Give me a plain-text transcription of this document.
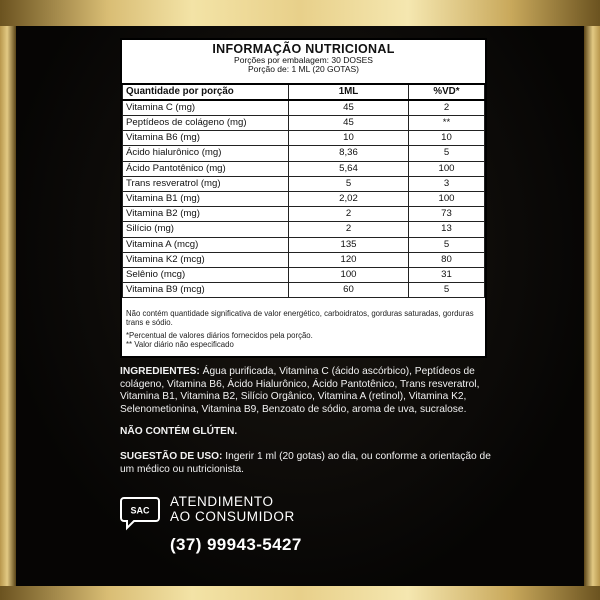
INFORMAÇÃO NUTRICIONAL
Porções por embalagem: 30 DOSES
Porção de: 1 ML (20 GOTAS)
Quantidade por porção	1ML	%VD*
Vitamina C (mg)	45	2
Peptídeos de colágeno (mg)	45	**
Vitamina B6 (mg)	10	10
Ácido hialurônico (mg)	8,36	5
Ácido Pantotênico (mg)	5,64	100
Trans resveratrol (mg)	5	3
Vitamina B1 (mg)	2,02	100
Vitamina B2 (mg)	2	73
Silício (mg)	2	13
Vitamina A (mcg)	135	5
Vitamina K2 (mcg)	120	80
Selênio (mcg)	100	31
Vitamina B9 (mcg)	60	5

Não contém quantidade significativa de valor energético, carboidratos, gorduras saturadas, gorduras trans e sódio.

*Percentual de valores diários fornecidos pela porção.

** Valor diário não especificado

INGREDIENTES: Água purificada, Vitamina C (ácido ascórbico), Peptídeos de colágeno, Vitamina B6, Ácido Hialurônico, Ácido Pantotênico, Trans resveratrol, Vitamina B1, Vitamina B2, Silício Orgânico, Vitamina A (retinol), Vitamina K2, Selenometionina, Vitamina B9, Benzoato de sódio, aroma de uva, sucralose.
NÃO CONTÉM GLÚTEN.
SUGESTÃO DE USO: Ingerir 1 ml (20 gotas) ao dia, ou conforme a orientação de um médico ou nutricionista.
SAC
ATENDIMENTO
AO CONSUMIDOR
(37) 99943-5427
